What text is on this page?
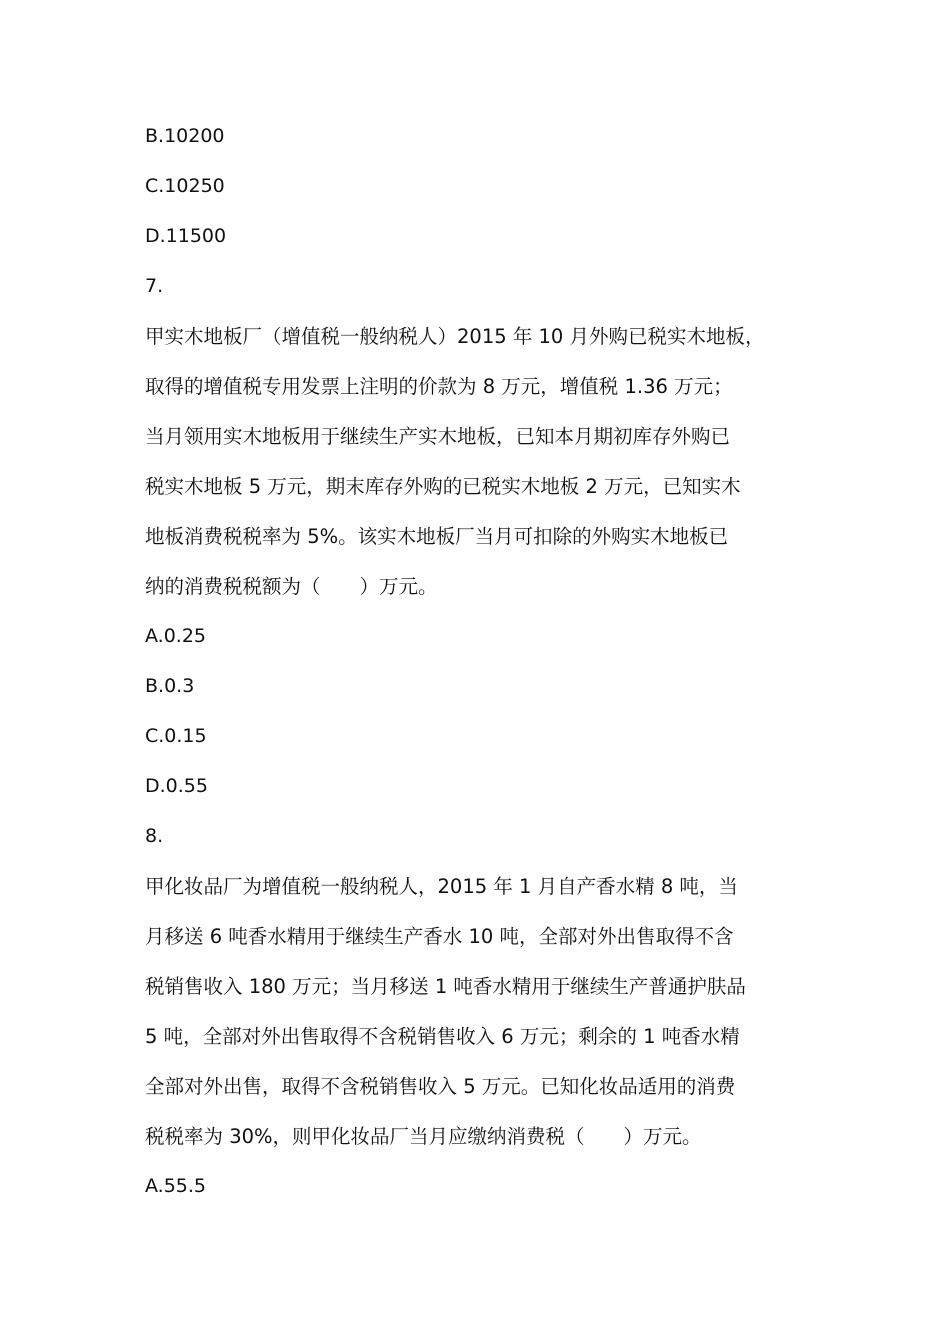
B.10200
C.10250
D.11500
7.
甲实木地板厂（增值税一般纳税人）2015 年 10 月外购已税实木地板，
取得的增值税专用发票上注明的价款为 8 万元，增值税 1.36 万元；
当月领用实木地板用于继续生产实木地板，已知本月期初库存外购已
税实木地板 5 万元，期末库存外购的已税实木地板 2 万元，已知实木
地板消费税税率为 5%。该实木地板厂当月可扣除的外购实木地板已
纳的消费税税额为（　　）万元。
A.0.25
B.0.3
C.0.15
D.0.55
8.
甲化妆品厂为增值税一般纳税人，2015 年 1 月自产香水精 8 吨，当
月移送 6 吨香水精用于继续生产香水 10 吨，全部对外出售取得不含
税销售收入 180 万元；当月移送 1 吨香水精用于继续生产普通护肤品
5 吨，全部对外出售取得不含税销售收入 6 万元；剩余的 1 吨香水精
全部对外出售，取得不含税销售收入 5 万元。已知化妆品适用的消费
税税率为 30%，则甲化妆品厂当月应缴纳消费税（　　）万元。
A.55.5
